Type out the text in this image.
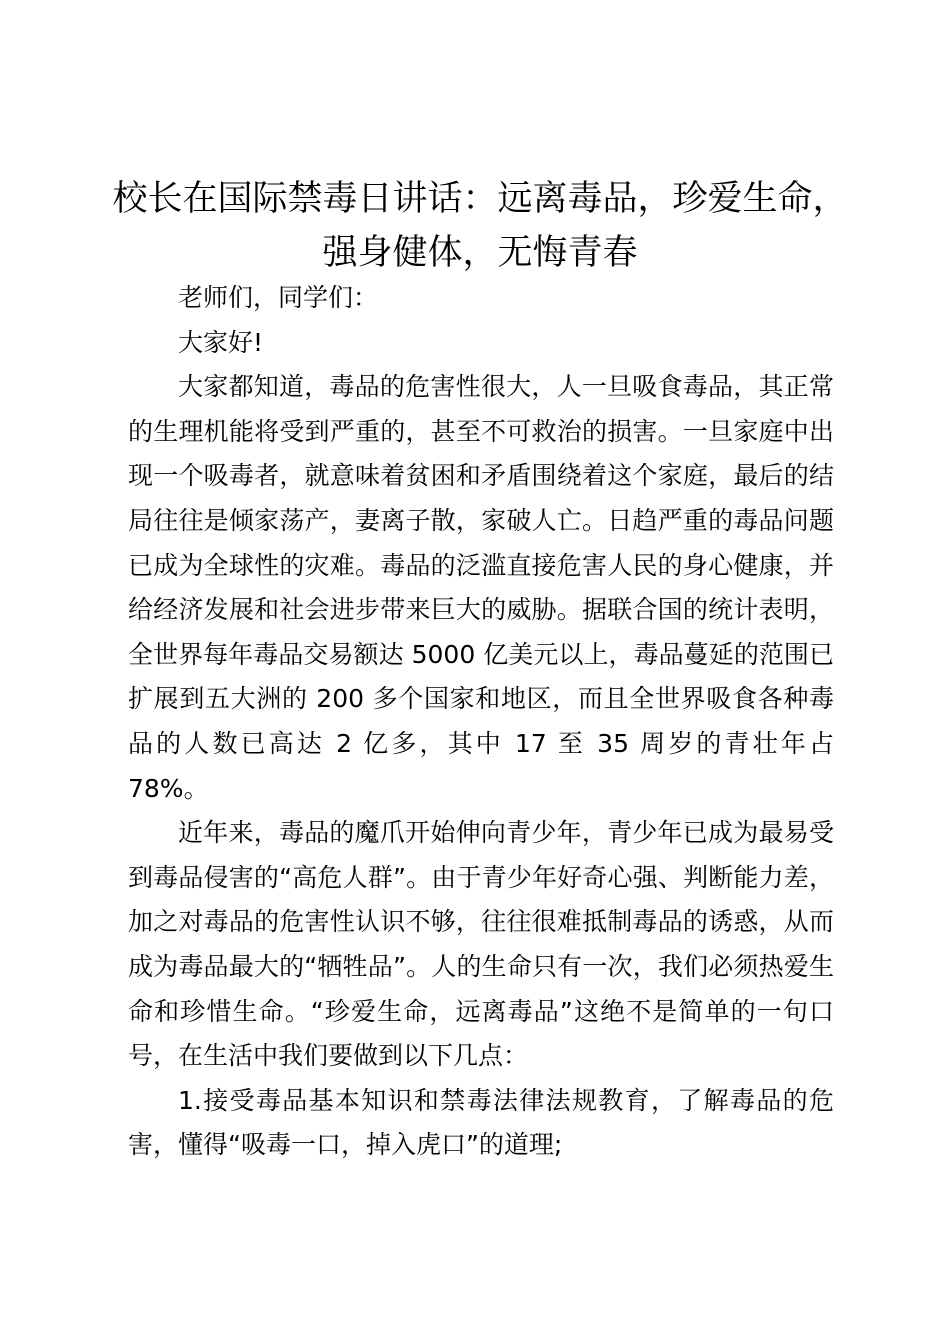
校长在国际禁毒日讲话：远离毒品，珍爱生命，强身健体，无悔青春

老师们，同学们：

大家好!

大家都知道，毒品的危害性很大，人一旦吸食毒品，其正常的生理机能将受到严重的，甚至不可救治的损害。一旦家庭中出现一个吸毒者，就意味着贫困和矛盾围绕着这个家庭，最后的结局往往是倾家荡产，妻离子散，家破人亡。日趋严重的毒品问题已成为全球性的灾难。毒品的泛滥直接危害人民的身心健康，并给经济发展和社会进步带来巨大的威胁。据联合国的统计表明，全世界每年毒品交易额达 5000 亿美元以上，毒品蔓延的范围已扩展到五大洲的 200 多个国家和地区，而且全世界吸食各种毒品的人数已高达 2 亿多，其中 17 至 35 周岁的青壮年占 78%。

近年来，毒品的魔爪开始伸向青少年，青少年已成为最易受到毒品侵害的“高危人群”。由于青少年好奇心强、判断能力差，加之对毒品的危害性认识不够，往往很难抵制毒品的诱惑，从而成为毒品最大的“牺牲品”。人的生命只有一次，我们必须热爱生命和珍惜生命。“珍爱生命，远离毒品”这绝不是简单的一句口号，在生活中我们要做到以下几点：

1.接受毒品基本知识和禁毒法律法规教育，了解毒品的危害，懂得“吸毒一口，掉入虎口”的道理;
